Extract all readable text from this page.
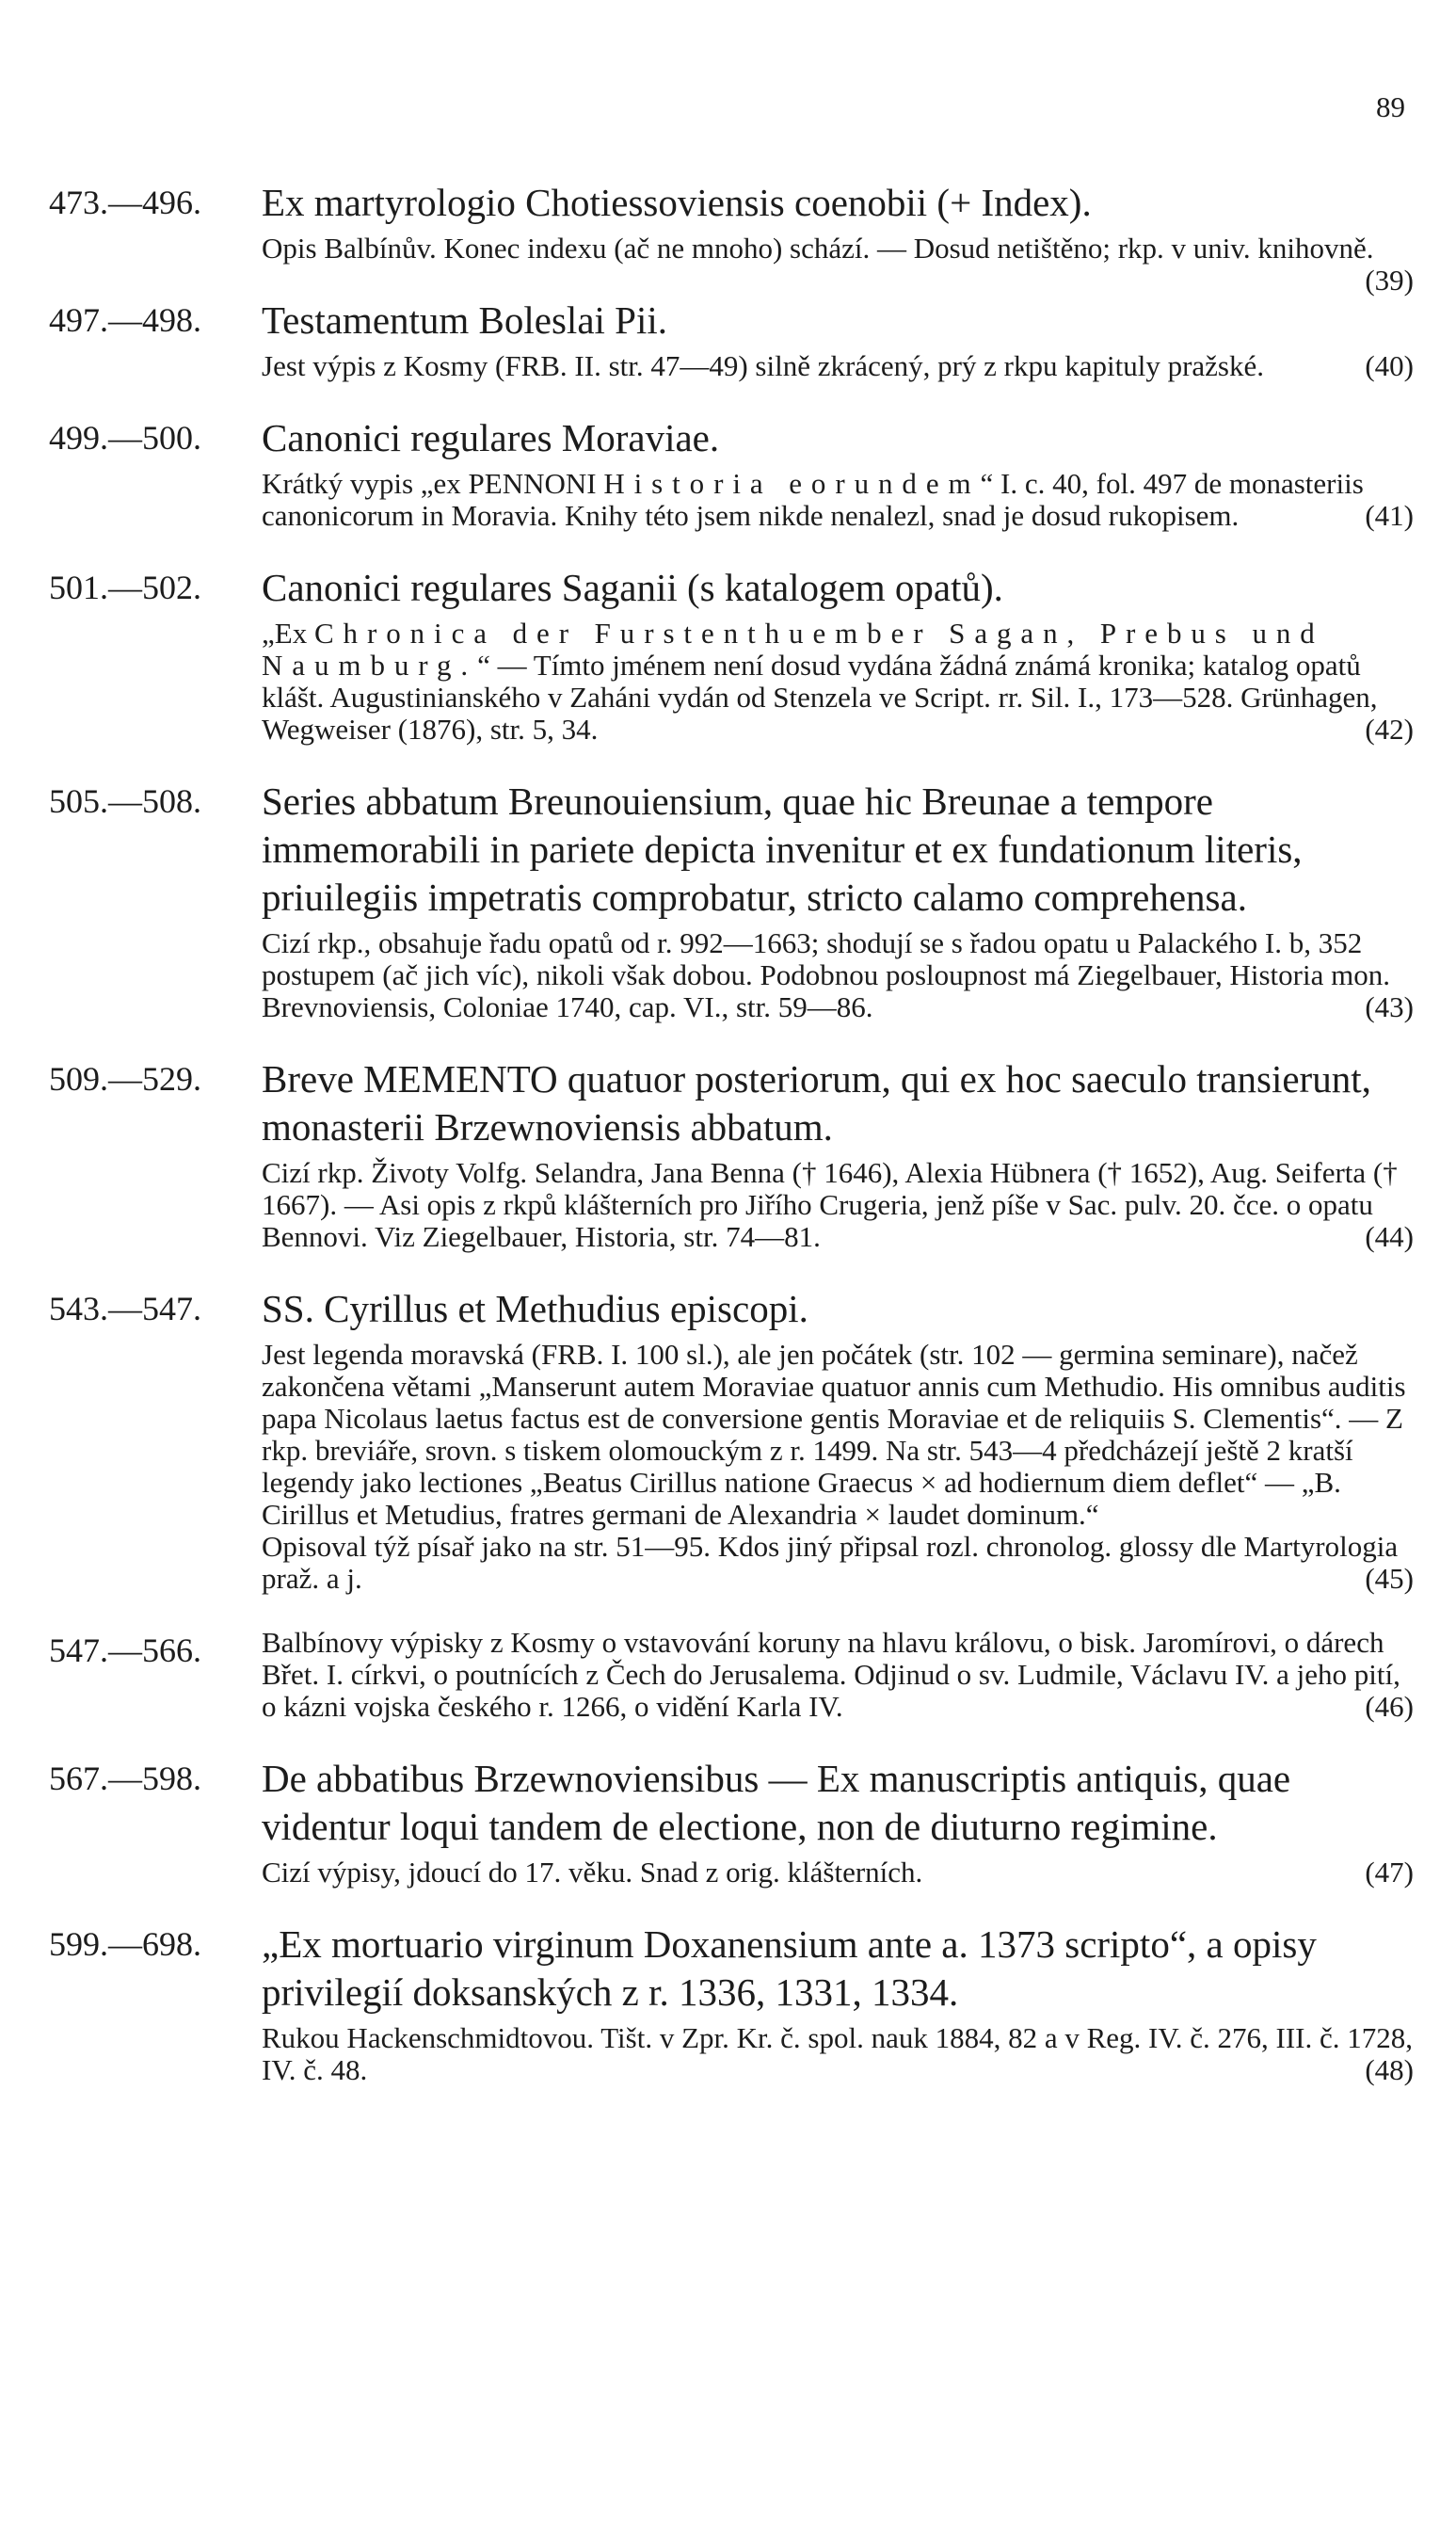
89
473.—496.	Ex martyrologio Chotiessoviensis coenobii (+ Index).
Opis Balbínův. Konec indexu (ač ne mnoho) schází. — Dosud netištěno; rkp. v univ. knihovně.
(39)
497.—498.	Testamentum Boleslai Pii.
Jest výpis z Kosmy (FRB. II. str. 47—49) silně zkrácený, prý z rkpu kapituly pražské.	(40)
499.—500.	Canonici regulares Moraviae.
Krátký vypis „ex PENNONI Historia eorundem“ I. c. 40, fol. 497 de monasteriis canonicorum in Moravia. Knihy této jsem nikde nenalezl, snad je dosud rukopisem.	(41)
501.—502.	Canonici regulares Saganii (s katalogem opatů).
„Ex Chronica der Furstenthuember Sagan, Prebus und Naumburg.“ — Tímto jménem není dosud vydána žádná známá kronika; katalog opatů klášt. Augustinianského v Zaháni vydán od Stenzela ve Script. rr. Sil. I., 173—528. Grünhagen, Wegweiser (1876), str. 5, 34.	(42)
505.—508.	Series abbatum Breunouiensium, quae hic Breunae a tempore immemorabili in pariete depicta invenitur et ex fundationum literis, priuilegiis impetratis comprobatur, stricto calamo comprehensa.
Cizí rkp., obsahuje řadu opatů od r. 992—1663; shodují se s řadou opatu u Palackého I. b, 352 postupem (ač jich víc), nikoli však dobou. Podobnou posloupnost má Ziegelbauer, Historia mon. Brevnoviensis, Coloniae 1740, cap. VI., str. 59—86.	(43)
509.—529.	Breve MEMENTO quatuor posteriorum, qui ex hoc saeculo transierunt, monasterii Brzewnoviensis abbatum.
Cizí rkp. Životy Volfg. Selandra, Jana Benna († 1646), Alexia Hübnera († 1652), Aug. Seiferta († 1667). — Asi opis z rkpů klášterních pro Jiřího Crugeria, jenž píše v Sac. pulv. 20. čce. o opatu Bennovi. Viz Ziegelbauer, Historia, str. 74—81.	(44)
543.—547.	SS. Cyrillus et Methudius episcopi.
Jest legenda moravská (FRB. I. 100 sl.), ale jen počátek (str. 102 — germina seminare), načež zakončena větami „Manserunt autem Moraviae quatuor annis cum Methudio. His omnibus auditis papa Nicolaus laetus factus est de conversione gentis Moraviae et de reliquiis S. Clementis“. — Z rkp. breviáře, srovn. s tiskem olomouckým z r. 1499. Na str. 543—4 předcházejí ještě 2 kratší legendy jako lectiones „Beatus Cirillus natione Graecus × ad hodiernum diem deflet“ — „B. Cirillus et Metudius, fratres germani de Alexandria × laudet dominum.“
Opisoval týž písař jako na str. 51—95. Kdos jiný připsal rozl. chronolog. glossy dle Martyrologia praž. a j.	(45)
547.—566.	Balbínovy výpisky z Kosmy o vstavování koruny na hlavu královu, o bisk. Jaromírovi, o dárech Břet. I. církvi, o poutnících z Čech do Jerusalema. Odjinud o sv. Ludmile, Václavu IV. a jeho pití, o kázni vojska českého r. 1266, o vidění Karla IV.	(46)
567.—598.	De abbatibus Brzewnoviensibus — Ex manuscriptis antiquis, quae videntur loqui tandem de electione, non de diuturno regimine.
Cizí výpisy, jdoucí do 17. věku. Snad z orig. klášterních.	(47)
599.—698.	„Ex mortuario virginum Doxanensium ante a. 1373 scripto“, a opisy privilegií doksanských z r. 1336, 1331, 1334.
Rukou Hackenschmidtovou. Tišt. v Zpr. Kr. č. spol. nauk 1884, 82 a v Reg. IV. č. 276, III. č. 1728, IV. č. 48.	(48)
